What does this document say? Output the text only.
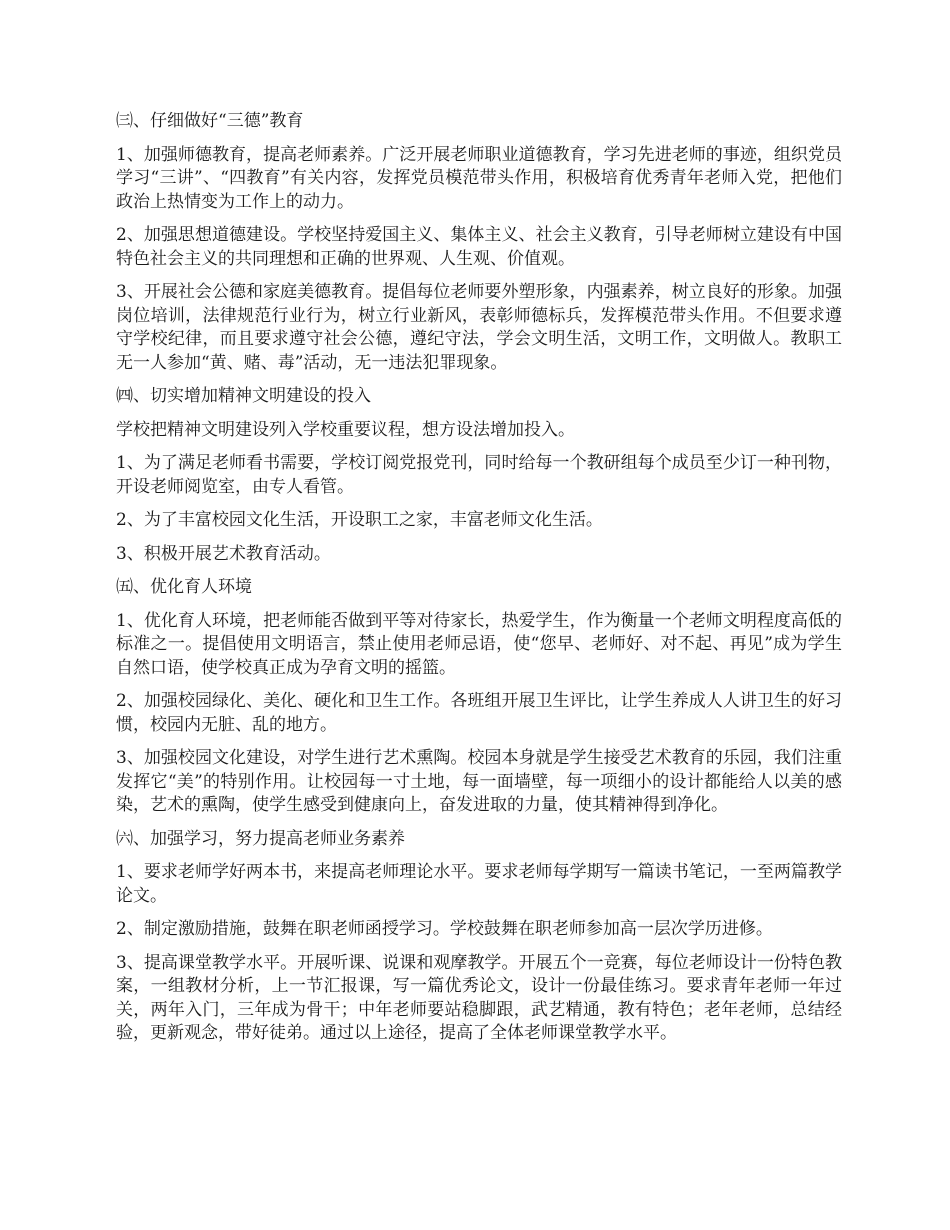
㈢、仔细做好“三德”教育

1、加强师德教育，提高老师素养。广泛开展老师职业道德教育，学习先进老师的事迹，组织党员学习“三讲”、“四教育”有关内容，发挥党员模范带头作用，积极培育优秀青年老师入党，把他们政治上热情变为工作上的动力。

2、加强思想道德建设。学校坚持爱国主义、集体主义、社会主义教育，引导老师树立建设有中国特色社会主义的共同理想和正确的世界观、人生观、价值观。

3、开展社会公德和家庭美德教育。提倡每位老师要外塑形象，内强素养，树立良好的形象。加强岗位培训，法律规范行业行为，树立行业新风，表彰师德标兵，发挥模范带头作用。不但要求遵守学校纪律，而且要求遵守社会公德，遵纪守法，学会文明生活，文明工作，文明做人。教职工无一人参加“黄、赌、毒”活动，无一违法犯罪现象。

㈣、切实增加精神文明建设的投入

学校把精神文明建设列入学校重要议程，想方设法增加投入。

1、为了满足老师看书需要，学校订阅党报党刊，同时给每一个教研组每个成员至少订一种刊物，开设老师阅览室，由专人看管。

2、为了丰富校园文化生活，开设职工之家，丰富老师文化生活。

3、积极开展艺术教育活动。

㈤、优化育人环境

1、优化育人环境，把老师能否做到平等对待家长，热爱学生，作为衡量一个老师文明程度高低的标准之一。提倡使用文明语言，禁止使用老师忌语，使“您早、老师好、对不起、再见”成为学生自然口语，使学校真正成为孕育文明的摇篮。

2、加强校园绿化、美化、硬化和卫生工作。各班组开展卫生评比，让学生养成人人讲卫生的好习惯，校园内无脏、乱的地方。

3、加强校园文化建设，对学生进行艺术熏陶。校园本身就是学生接受艺术教育的乐园，我们注重发挥它“美”的特别作用。让校园每一寸土地，每一面墙壁，每一项细小的设计都能给人以美的感染，艺术的熏陶，使学生感受到健康向上，奋发进取的力量，使其精神得到净化。

㈥、加强学习，努力提高老师业务素养

1、要求老师学好两本书，来提高老师理论水平。要求老师每学期写一篇读书笔记，一至两篇教学论文。

2、制定激励措施，鼓舞在职老师函授学习。学校鼓舞在职老师参加高一层次学历进修。

3、提高课堂教学水平。开展听课、说课和观摩教学。开展五个一竞赛，每位老师设计一份特色教案，一组教材分析，上一节汇报课，写一篇优秀论文，设计一份最佳练习。要求青年老师一年过关，两年入门，三年成为骨干；中年老师要站稳脚跟，武艺精通，教有特色；老年老师，总结经验，更新观念，带好徒弟。通过以上途径，提高了全体老师课堂教学水平。
